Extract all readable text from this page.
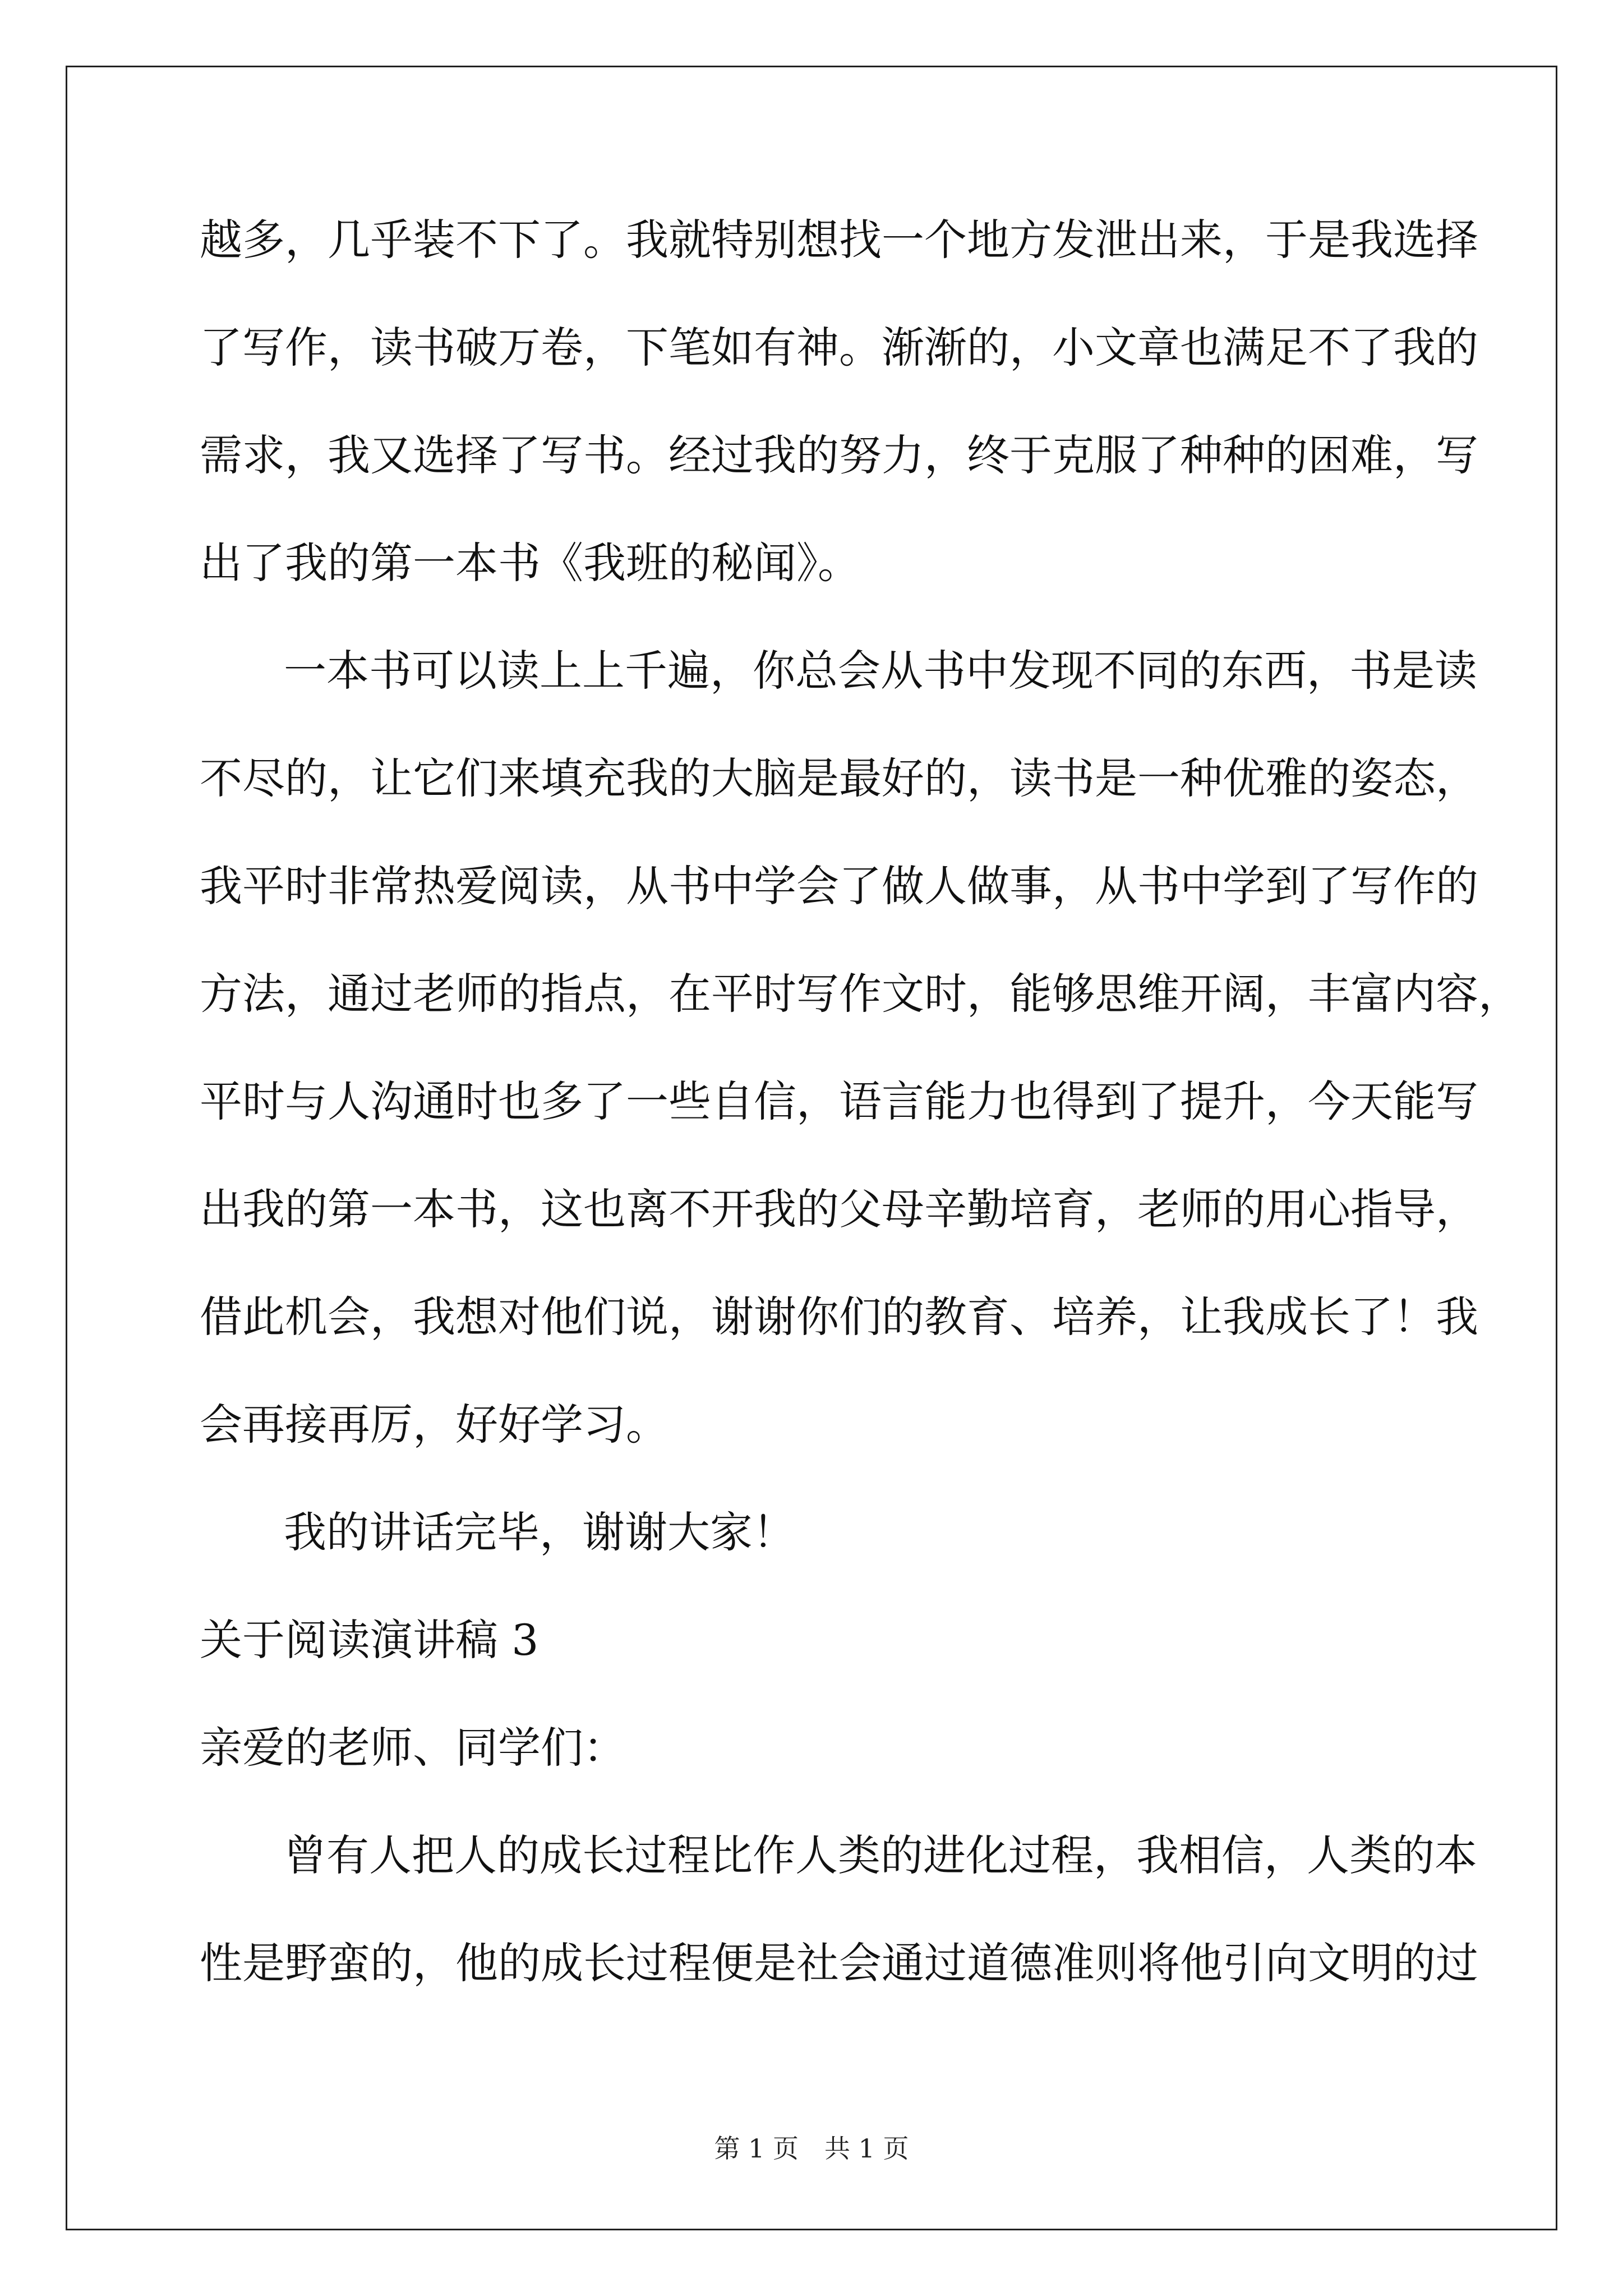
越多，几乎装不下了。我就特别想找一个地方发泄出来，于是我选择
了写作，读书破万卷，下笔如有神。渐渐的，小文章也满足不了我的
需求，我又选择了写书。经过我的努力，终于克服了种种的困难，写
出了我的第一本书《我班的秘闻》。
一本书可以读上上千遍，你总会从书中发现不同的东西，书是读
不尽的，让它们来填充我的大脑是最好的，读书是一种优雅的姿态，
我平时非常热爱阅读，从书中学会了做人做事，从书中学到了写作的
方法，通过老师的指点，在平时写作文时，能够思维开阔，丰富内容，
平时与人沟通时也多了一些自信，语言能力也得到了提升，今天能写
出我的第一本书，这也离不开我的父母辛勤培育，老师的用心指导，
借此机会，我想对他们说，谢谢你们的教育、培养，让我成长了！我
会再接再厉，好好学习。
我的讲话完毕，谢谢大家！
关于阅读演讲稿 3
亲爱的老师、同学们：
曾有人把人的成长过程比作人类的进化过程，我相信，人类的本
性是野蛮的，他的成长过程便是社会通过道德准则将他引向文明的过
第 1 页　共 1 页
